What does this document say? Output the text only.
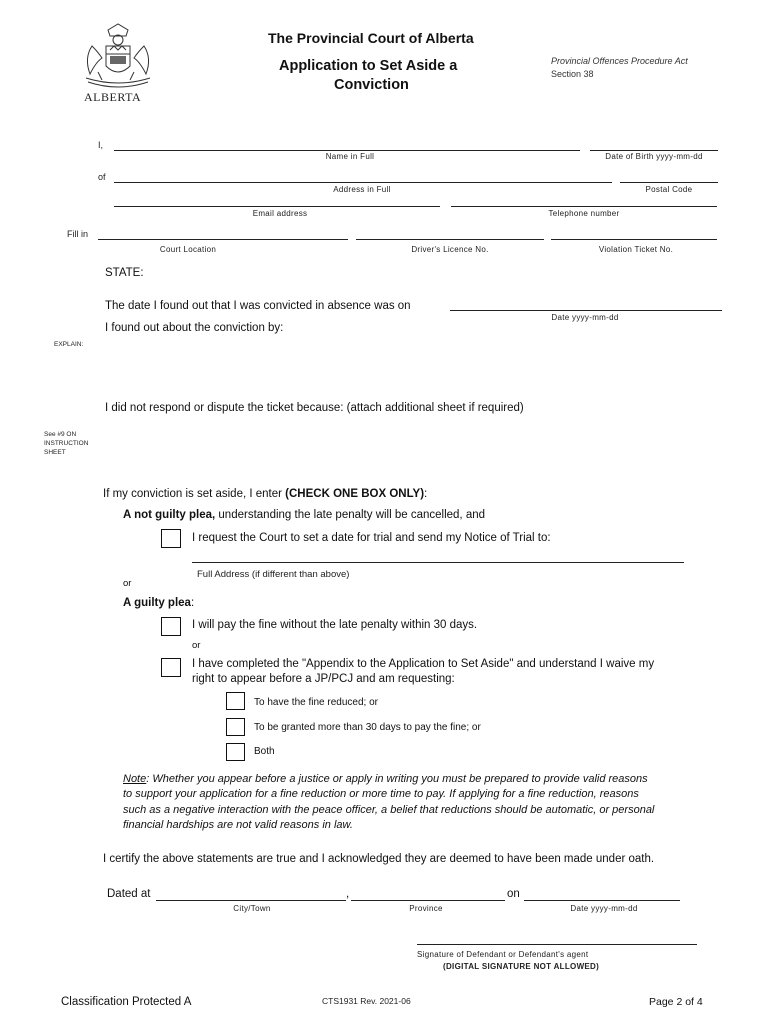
ALBERTA
The Provincial Court of Alberta
Application to Set Aside a
Conviction
Provincial Offences Procedure Act
Section 38
I,
Name in Full	Date of Birth yyyy-mm-dd
of
Address in Full	Postal Code
Email address	Telephone number
Fill in
Court Location	Driver's Licence No.	Violation Ticket No.
STATE:
The date I found out that I was convicted in absence was on
Date yyyy-mm-dd
I found out about the conviction by:
EXPLAIN:
I did not respond or dispute the ticket because: (attach additional sheet if required)
See #9 ON
INSTRUCTION
SHEET
If my conviction is set aside, I enter (CHECK ONE BOX ONLY):
A not guilty plea, understanding the late penalty will be cancelled, and
I request the Court to set a date for trial and send my Notice of Trial to:
Full Address (if different than above)
or
A guilty plea:
I will pay the fine without the late penalty within 30 days.
or
I have completed the "Appendix to the Application to Set Aside" and understand I waive my
right to appear before a JP/PCJ and am requesting:
To have the fine reduced; or
To be granted more than 30 days to pay the fine; or
Both
Note: Whether you appear before a justice or apply in writing you must be prepared to provide valid reasons
to support your application for a fine reduction or more time to pay. If applying for a fine reduction, reasons
such as a negative interaction with the peace officer, a belief that reductions should be automatic, or personal
financial hardships are not valid reasons in law.
I certify the above statements are true and I acknowledged they are deemed to have been made under oath.
Dated at	,	on
City/Town	Province	Date yyyy-mm-dd
Signature of Defendant or Defendant's agent
(DIGITAL SIGNATURE NOT ALLOWED)
Classification Protected A	CTS1931 Rev. 2021-06	Page 2 of 4
